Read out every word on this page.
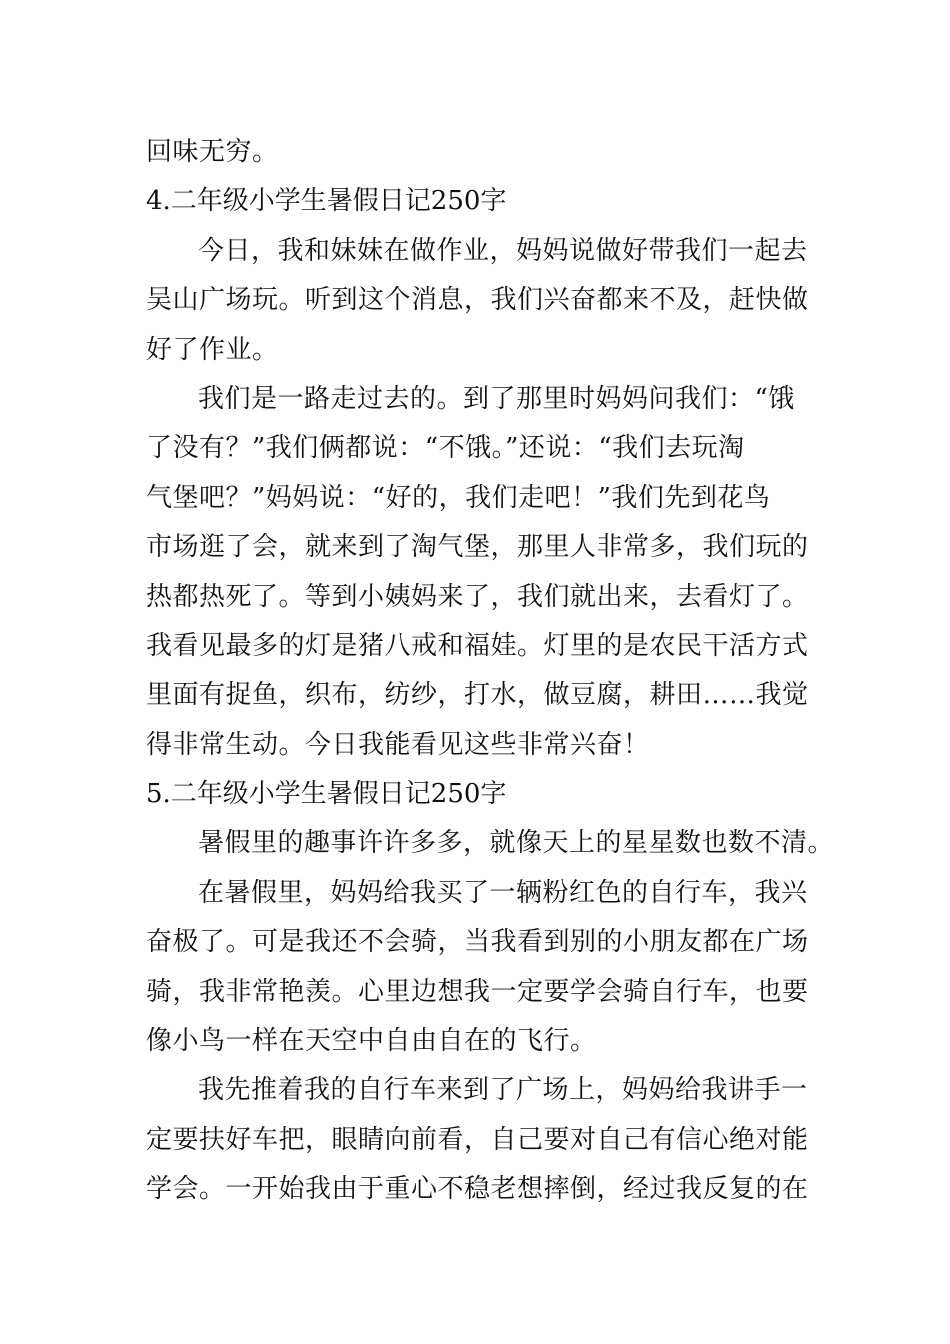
回味无穷。
4.二年级小学生暑假日记250字
今日，我和妹妹在做作业，妈妈说做好带我们一起去
吴山广场玩。听到这个消息，我们兴奋都来不及，赶快做
好了作业。
我们是一路走过去的。到了那里时妈妈问我们：“饿
了没有？”我们俩都说：“不饿。”还说：“我们去玩淘
气堡吧？”妈妈说：“好的，我们走吧！”我们先到花鸟
市场逛了会，就来到了淘气堡，那里人非常多，我们玩的
热都热死了。等到小姨妈来了，我们就出来，去看灯了。
我看见最多的灯是猪八戒和福娃。灯里的是农民干活方式
里面有捉鱼，织布，纺纱，打水，做豆腐，耕田……我觉
得非常生动。今日我能看见这些非常兴奋！
5.二年级小学生暑假日记250字
暑假里的趣事许许多多，就像天上的星星数也数不清。
在暑假里，妈妈给我买了一辆粉红色的自行车，我兴
奋极了。可是我还不会骑，当我看到别的小朋友都在广场
骑，我非常艳羡。心里边想我一定要学会骑自行车，也要
像小鸟一样在天空中自由自在的飞行。
我先推着我的自行车来到了广场上，妈妈给我讲手一
定要扶好车把，眼睛向前看，自己要对自己有信心绝对能
学会。一开始我由于重心不稳老想摔倒，经过我反复的在
